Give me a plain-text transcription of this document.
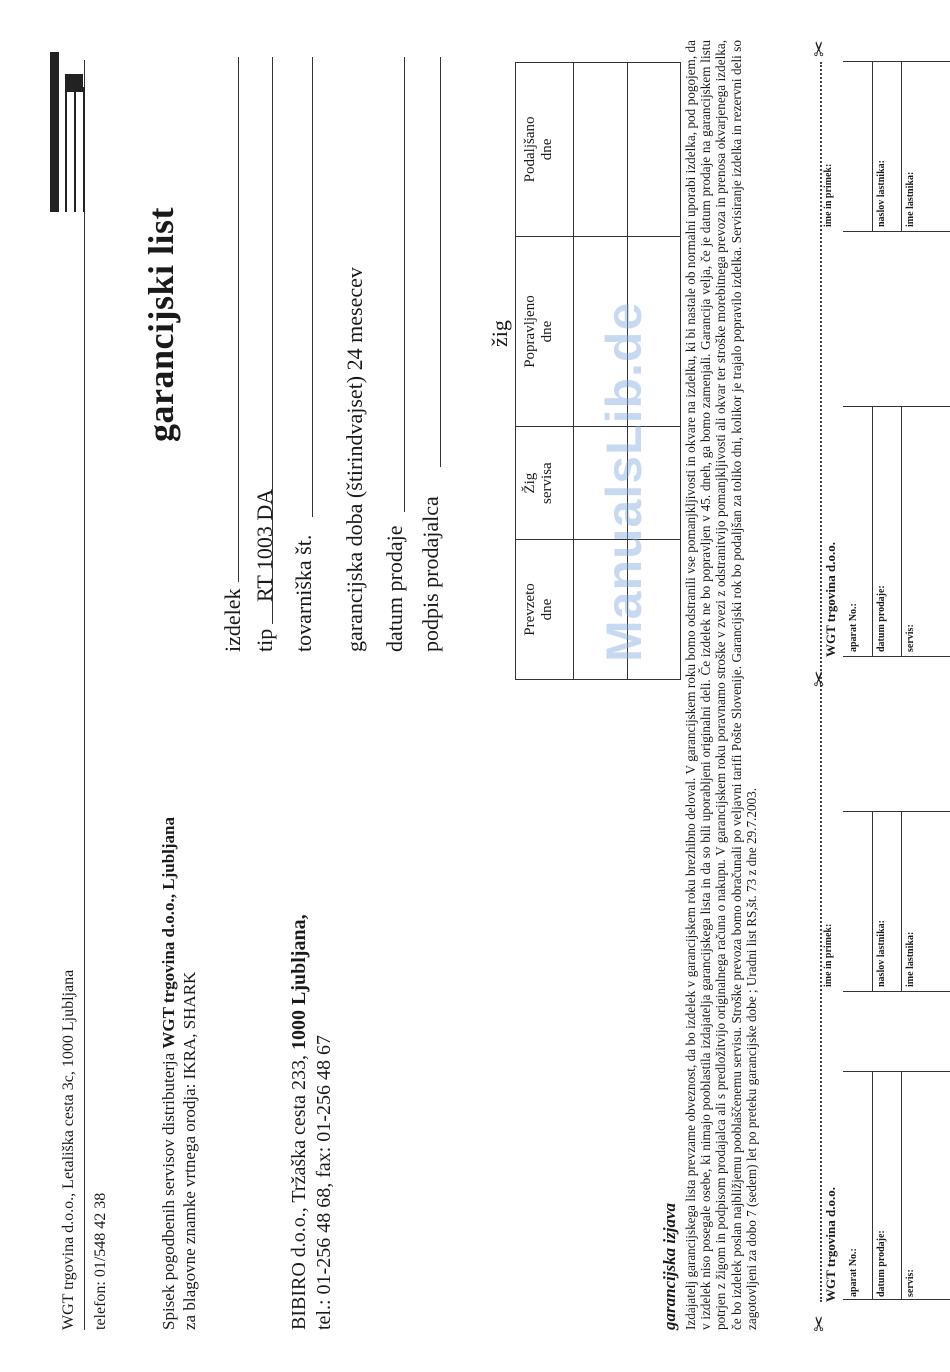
WGT trgovina d.o.o., Letališka cesta 3c, 1000 Ljubljana telefon: 01/548 42 38	Spisek pogodbenih servisov distributerja WGT trgovina d.o.o., Ljubljana
za blagovne znamke vrtnega orodja: IKRA, SHARK	BIBIRO d.o.o., Tržaška cesta 233, 1000 Ljubljana,
tel.: 01-256 48 68, fax: 01-256 48 67
garancijski list
izdelek tip
RT 1003 DA tovarniška št. garancijska doba (štirindvajset) 24 mesecev datum prodaje podpis prodajalca
žig
Prevzeto
dne	Žig
servisa	Popravljeno
dne	Podaljšano
dne

garancijska izjava Izdajatelj garancijskega lista prevzame obveznost, da bo izdelek v garancijskem roku brezhibno deloval. V garancijskem roku bomo odstranili vse pomanjkljivosti in okvare na izdelku, ki bi nastale ob normalni uporabi izdelka, pod pogojem, da v izdelek niso posegale osebe, ki nimajo pooblastila izdajatelja garancijskega lista in da so bili uporabljeni originalni deli. Če izdelek ne bo popravljen v 45. dneh, ga bomo zamenjali. Garancija velja, če je datum prodaje na garancijskem listu potrjen z žigom in podpisom prodajalca ali s predložitvijo originalnega računa o nakupu. V garancijskem roku poravnamo stroške v zvezi z odstranitvijo pomanjkljivosti ali okvar ter stroške morebitnega prevoza in prenosa okvarjenega izdelka, če bo izdelek poslan najbližjemu pooblaščenemu servisu. Stroške prevoza bomo obračunali po veljavni tarifi Pošte Slovenije. Garancijski rok bo podaljšan za toliko dni, kolikor je trajalo popravilo izdelka. Servisiranje izdelka in rezervni deli so zagotovljeni za dobo 7 (sedem) let po preteku garancijske dobe ; Uradni list RS,št. 73 z dne 29.7.2003.	✂
✂
✂
WGT trgovina d.o.o. aparat No.: datum prodaje: servis:
ime in primek:	naslov lastnika: ime lastnika:
WGT trgovina d.o.o. aparat No.: datum prodaje: servis:
ime in primek:	naslov lastnika: ime lastnika:
ManualsLib.de
